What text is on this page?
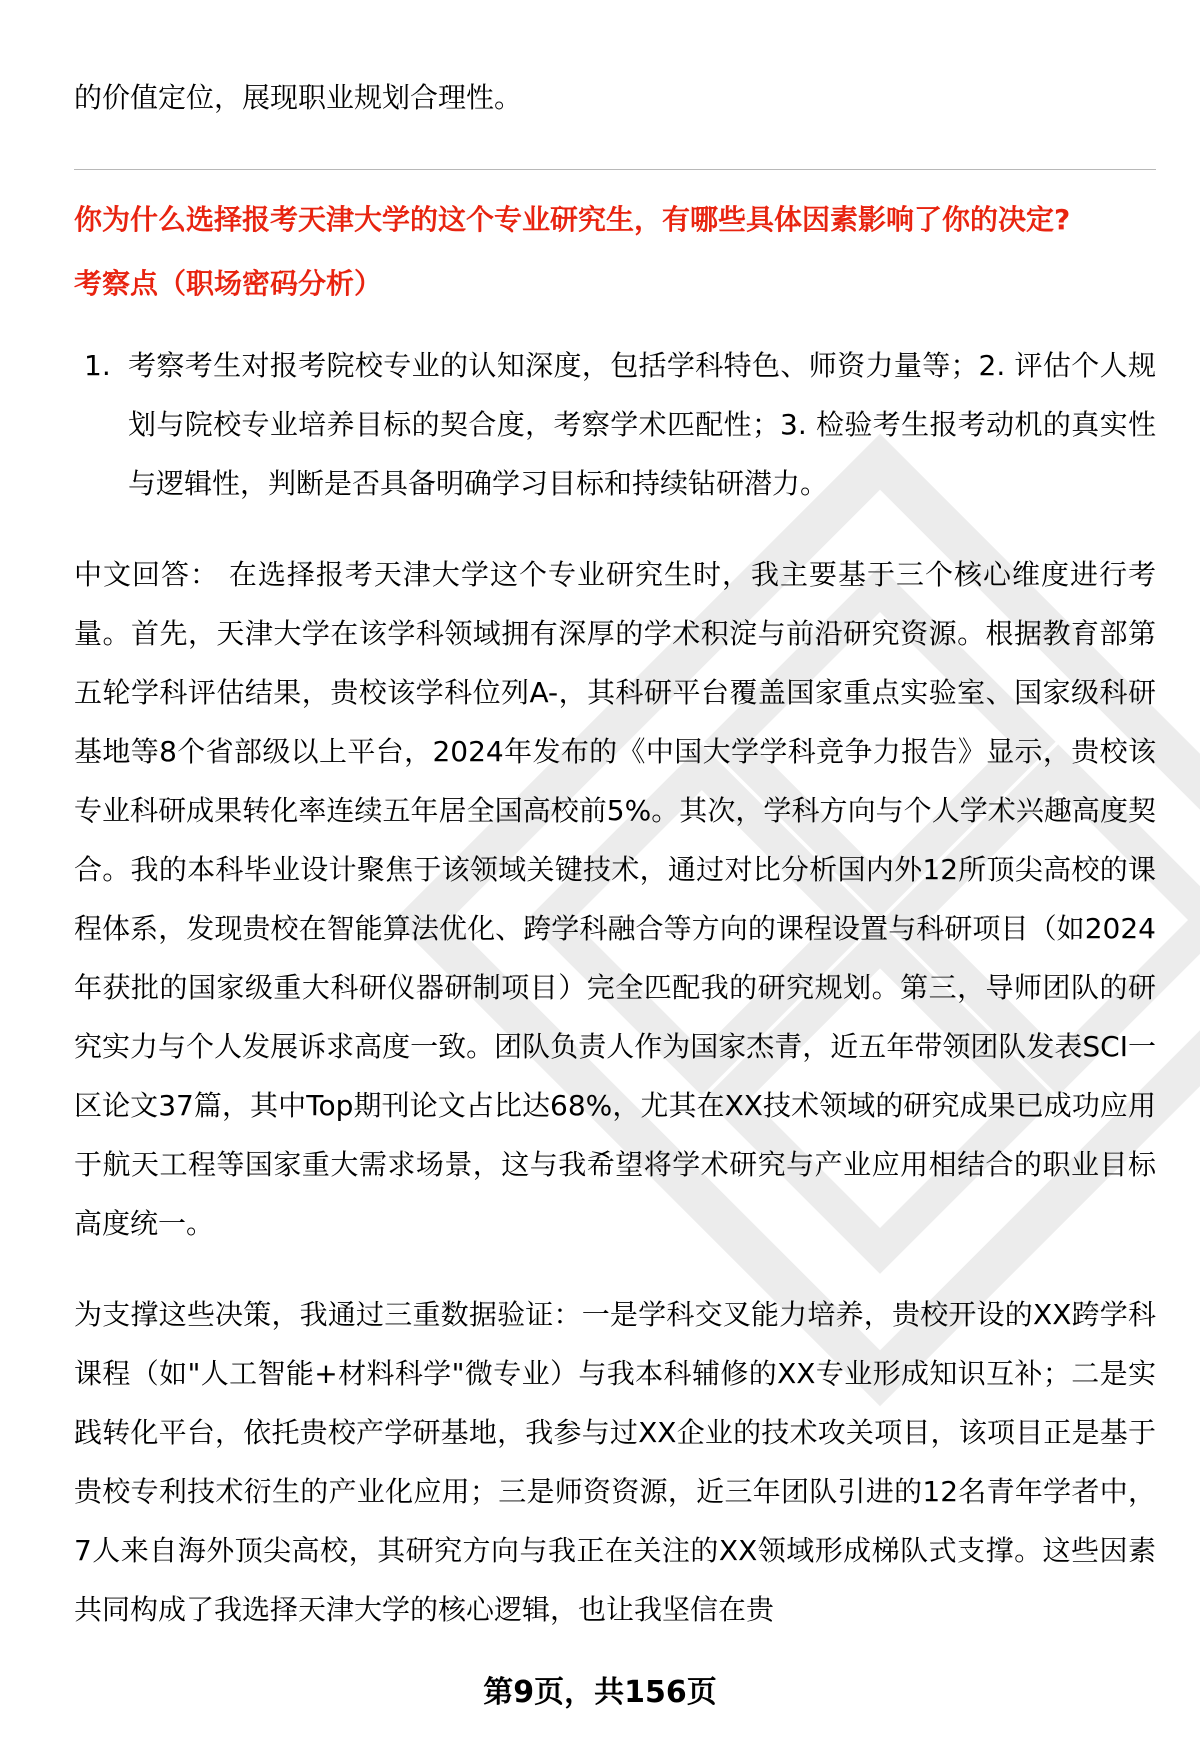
的价值定位，展现职业规划合理性。

你为什么选择报考天津大学的这个专业研究生，有哪些具体因素影响了你的决定?

考察点（职场密码分析）

1. 考察考生对报考院校专业的认知深度，包括学科特色、师资力量等；2. 评估个人规划与院校专业培养目标的契合度，考察学术匹配性；3. 检验考生报考动机的真实性与逻辑性，判断是否具备明确学习目标和持续钻研潜力。

中文回答： 在选择报考天津大学这个专业研究生时，我主要基于三个核心维度进行考量。首先，天津大学在该学科领域拥有深厚的学术积淀与前沿研究资源。根据教育部第五轮学科评估结果，贵校该学科位列A-，其科研平台覆盖国家重点实验室、国家级科研基地等8个省部级以上平台，2024年发布的《中国大学学科竞争力报告》显示，贵校该专业科研成果转化率连续五年居全国高校前5%。其次，学科方向与个人学术兴趣高度契合。我的本科毕业设计聚焦于该领域关键技术，通过对比分析国内外12所顶尖高校的课程体系，发现贵校在智能算法优化、跨学科融合等方向的课程设置与科研项目（如2024年获批的国家级重大科研仪器研制项目）完全匹配我的研究规划。第三，导师团队的研究实力与个人发展诉求高度一致。团队负责人作为国家杰青，近五年带领团队发表SCI一区论文37篇，其中Top期刊论文占比达68%，尤其在XX技术领域的研究成果已成功应用于航天工程等国家重大需求场景，这与我希望将学术研究与产业应用相结合的职业目标高度统一。

为支撑这些决策，我通过三重数据验证：一是学科交叉能力培养，贵校开设的XX跨学科课程（如"人工智能+材料科学"微专业）与我本科辅修的XX专业形成知识互补；二是实践转化平台，依托贵校产学研基地，我参与过XX企业的技术攻关项目，该项目正是基于贵校专利技术衍生的产业化应用；三是师资资源，近三年团队引进的12名青年学者中，7人来自海外顶尖高校，其研究方向与我正在关注的XX领域形成梯队式支撑。这些因素共同构成了我选择天津大学的核心逻辑，也让我坚信在贵

第9页，共156页
